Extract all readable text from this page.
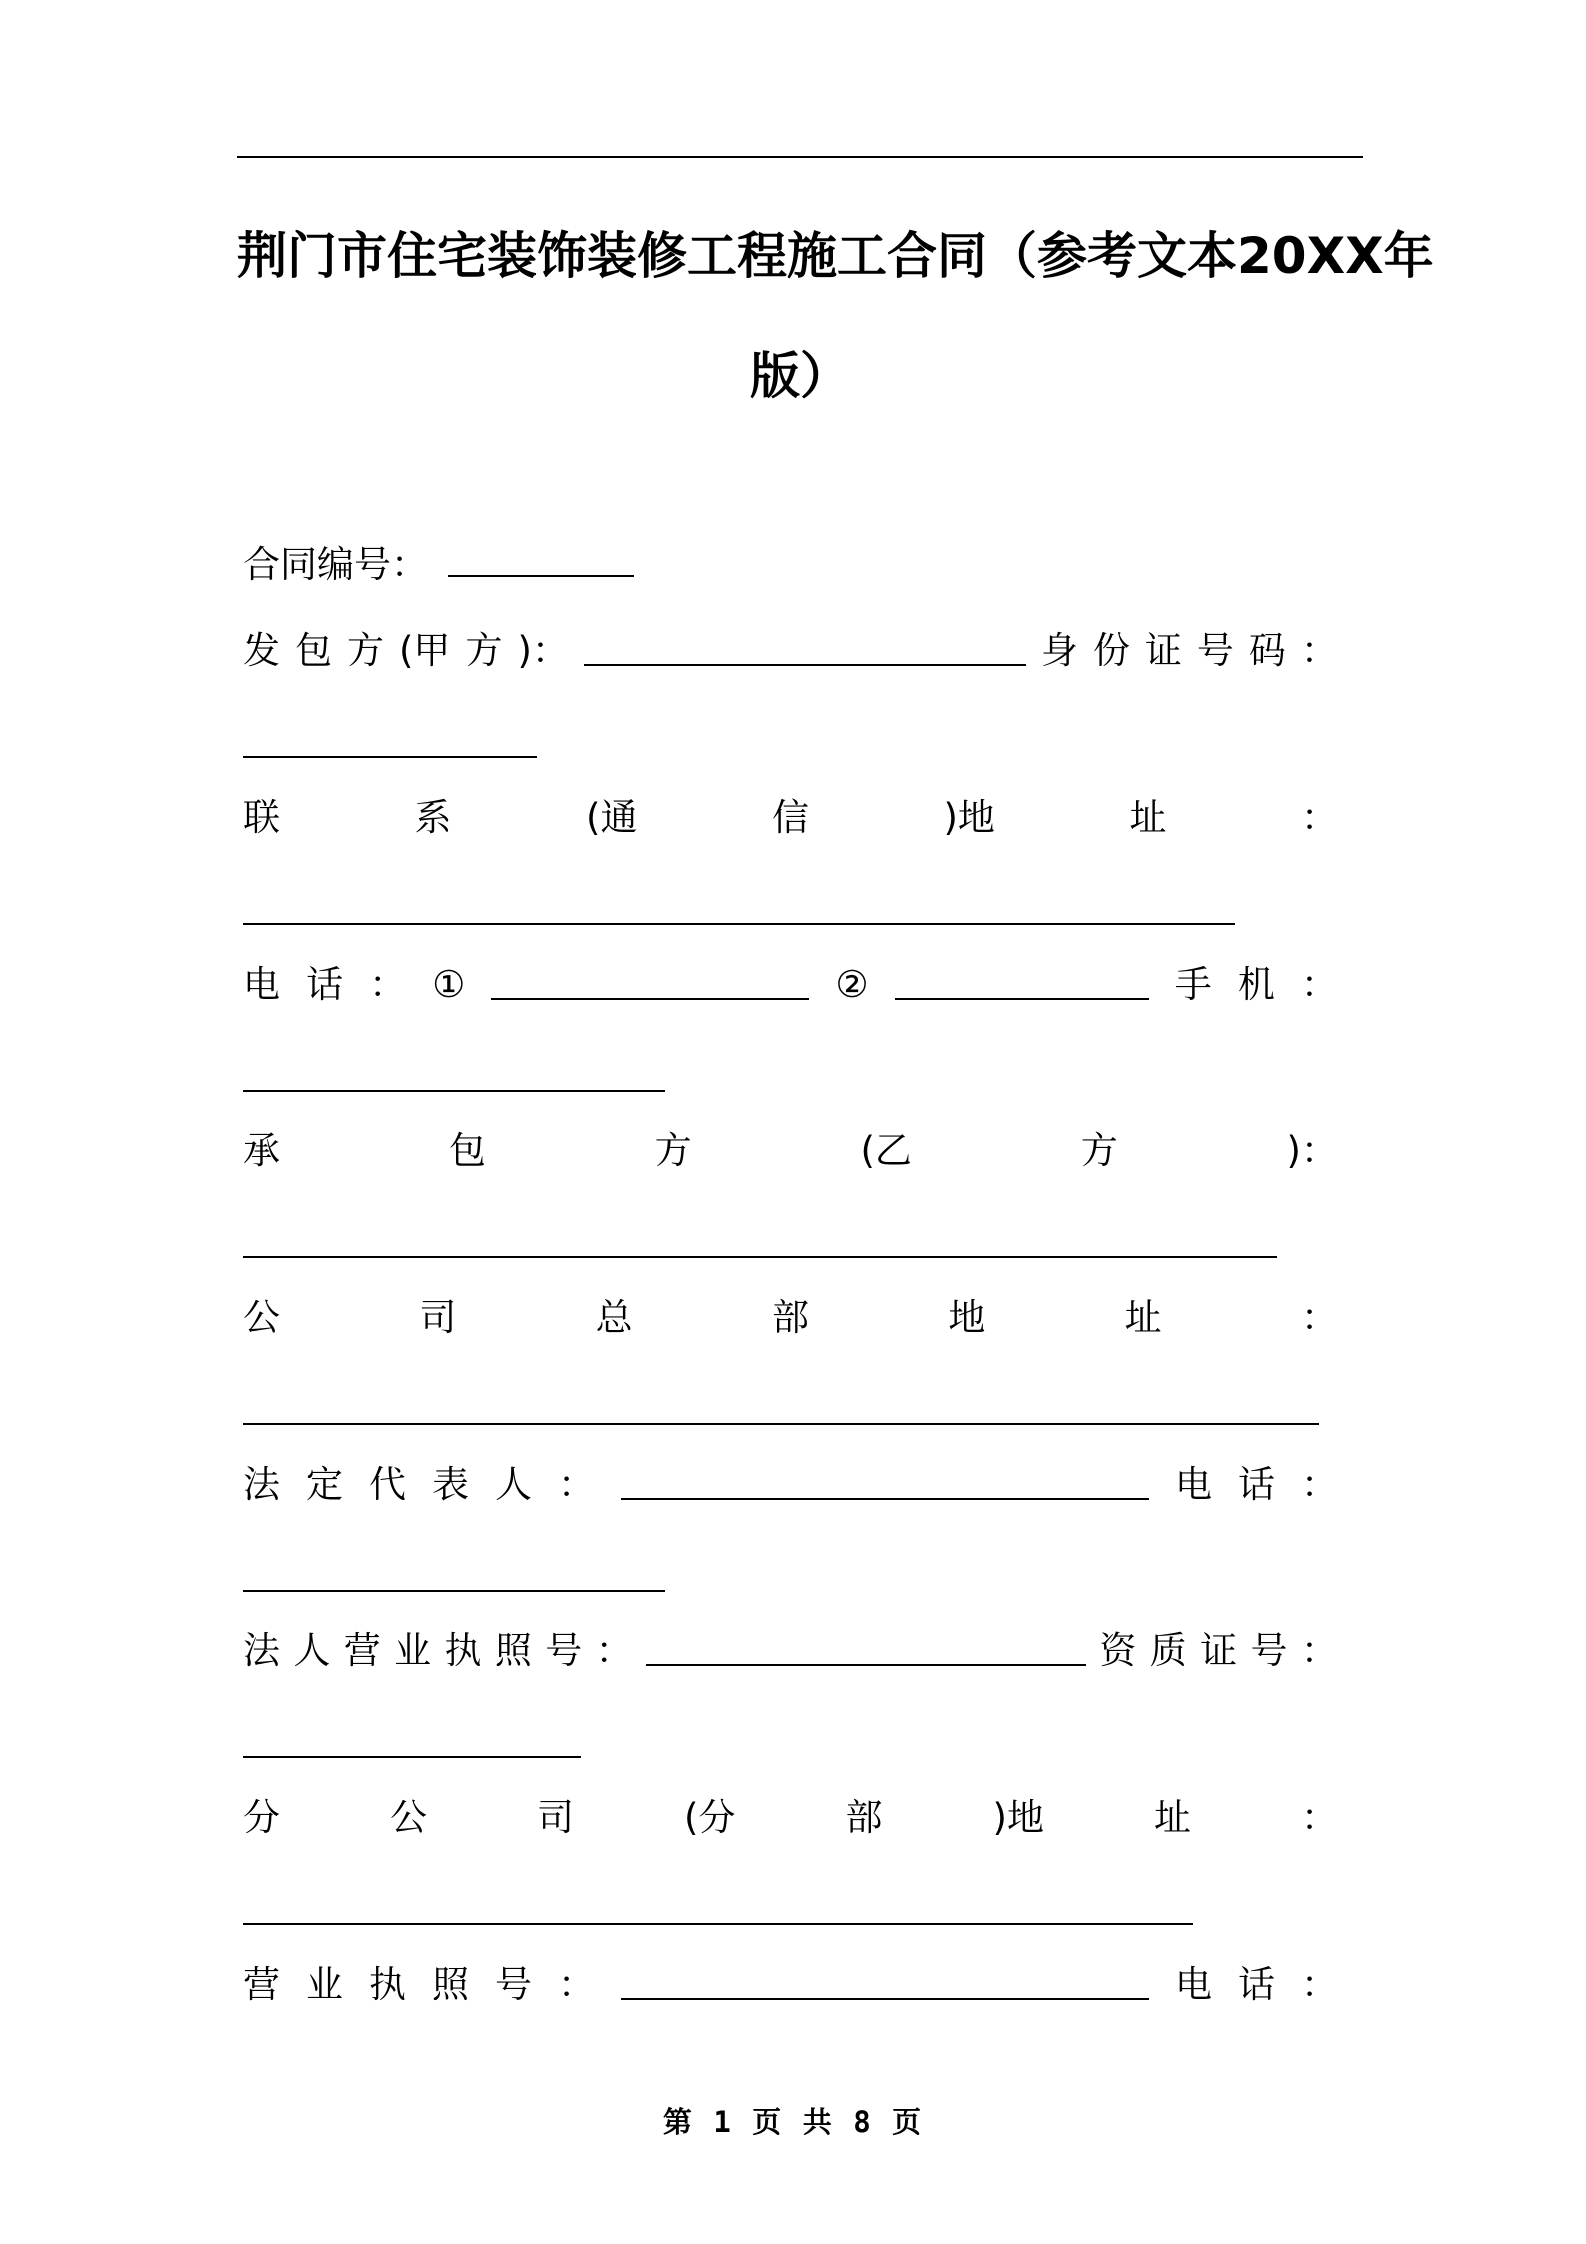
荆门市住宅装饰装修工程施工合同（参考文本20XX年
版）
合同编号：
发 包 方 (甲 方 )：	身 份 证 号 码 ：
联	系	(通	信	)地	址	：
电 话 ： ①	②	手 机 ：
承	包	方	(乙	方	)：
公	司	总	部	地	址	：
法 定 代 表 人 ：	电 话 ：
法 人 营 业 执 照 号 ：	资 质 证 号 ：
分	公	司	(分	部	)地	址	：
营 业 执 照 号 ：	电 话 ：
第 1 页 共 8 页
